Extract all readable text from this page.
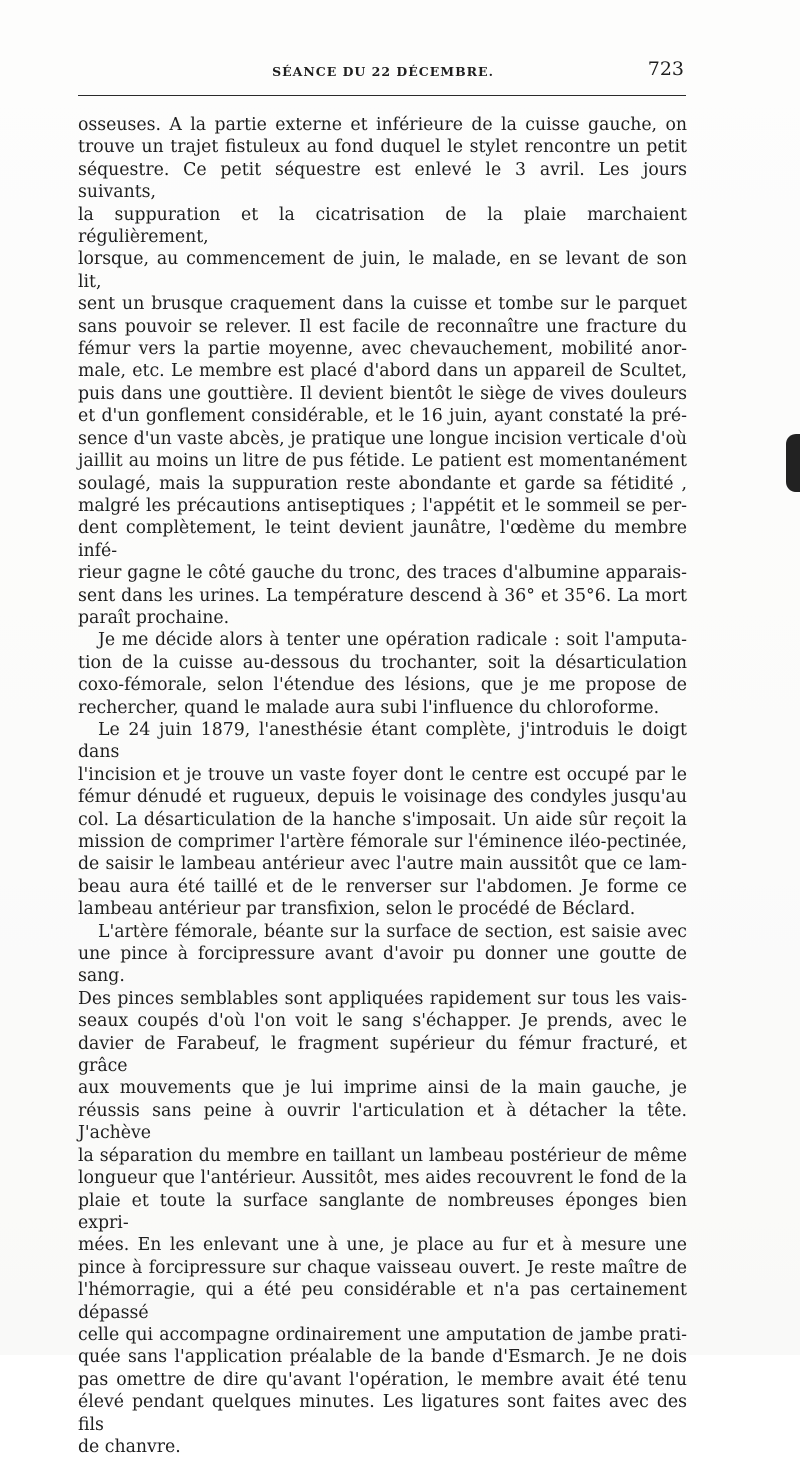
SÉANCE DU 22 DÉCEMBRE.	723

osseuses. A la partie externe et inférieure de la cuisse gauche, on

trouve un trajet fistuleux au fond duquel le stylet rencontre un petit

séquestre. Ce petit séquestre est enlevé le 3 avril. Les jours suivants,

la suppuration et la cicatrisation de la plaie marchaient régulièrement,

lorsque, au commencement de juin, le malade, en se levant de son lit,

sent un brusque craquement dans la cuisse et tombe sur le parquet

sans pouvoir se relever. Il est facile de reconnaître une fracture du

fémur vers la partie moyenne, avec chevauchement, mobilité anor-

male, etc. Le membre est placé d'abord dans un appareil de Scultet,

puis dans une gouttière. Il devient bientôt le siège de vives douleurs

et d'un gonflement considérable, et le 16 juin, ayant constaté la pré-

sence d'un vaste abcès, je pratique une longue incision verticale d'où

jaillit au moins un litre de pus fétide. Le patient est momentanément

soulagé, mais la suppuration reste abondante et garde sa fétidité ,

malgré les précautions antiseptiques ; l'appétit et le sommeil se per-

dent complètement, le teint devient jaunâtre, l'œdème du membre infé-

rieur gagne le côté gauche du tronc, des traces d'albumine apparais-

sent dans les urines. La température descend à 36° et 35°6. La mort

paraît prochaine.

Je me décide alors à tenter une opération radicale : soit l'amputa-

tion de la cuisse au-dessous du trochanter, soit la désarticulation

coxo-fémorale, selon l'étendue des lésions, que je me propose de

rechercher, quand le malade aura subi l'influence du chloroforme.

Le 24 juin 1879, l'anesthésie étant complète, j'introduis le doigt dans

l'incision et je trouve un vaste foyer dont le centre est occupé par le

fémur dénudé et rugueux, depuis le voisinage des condyles jusqu'au

col. La désarticulation de la hanche s'imposait. Un aide sûr reçoit la

mission de comprimer l'artère fémorale sur l'éminence iléo-pectinée,

de saisir le lambeau antérieur avec l'autre main aussitôt que ce lam-

beau aura été taillé et de le renverser sur l'abdomen. Je forme ce

lambeau antérieur par transfixion, selon le procédé de Béclard.

L'artère fémorale, béante sur la surface de section, est saisie avec

une pince à forcipressure avant d'avoir pu donner une goutte de sang.

Des pinces semblables sont appliquées rapidement sur tous les vais-

seaux coupés d'où l'on voit le sang s'échapper. Je prends, avec le

davier de Farabeuf, le fragment supérieur du fémur fracturé, et grâce

aux mouvements que je lui imprime ainsi de la main gauche, je

réussis sans peine à ouvrir l'articulation et à détacher la tête. J'achève

la séparation du membre en taillant un lambeau postérieur de même

longueur que l'antérieur. Aussitôt, mes aides recouvrent le fond de la

plaie et toute la surface sanglante de nombreuses éponges bien expri-

mées. En les enlevant une à une, je place au fur et à mesure une

pince à forcipressure sur chaque vaisseau ouvert. Je reste maître de

l'hémorragie, qui a été peu considérable et n'a pas certainement dépassé

celle qui accompagne ordinairement une amputation de jambe prati-

quée sans l'application préalable de la bande d'Esmarch. Je ne dois

pas omettre de dire qu'avant l'opération, le membre avait été tenu

élevé pendant quelques minutes. Les ligatures sont faites avec des fils

de chanvre.
